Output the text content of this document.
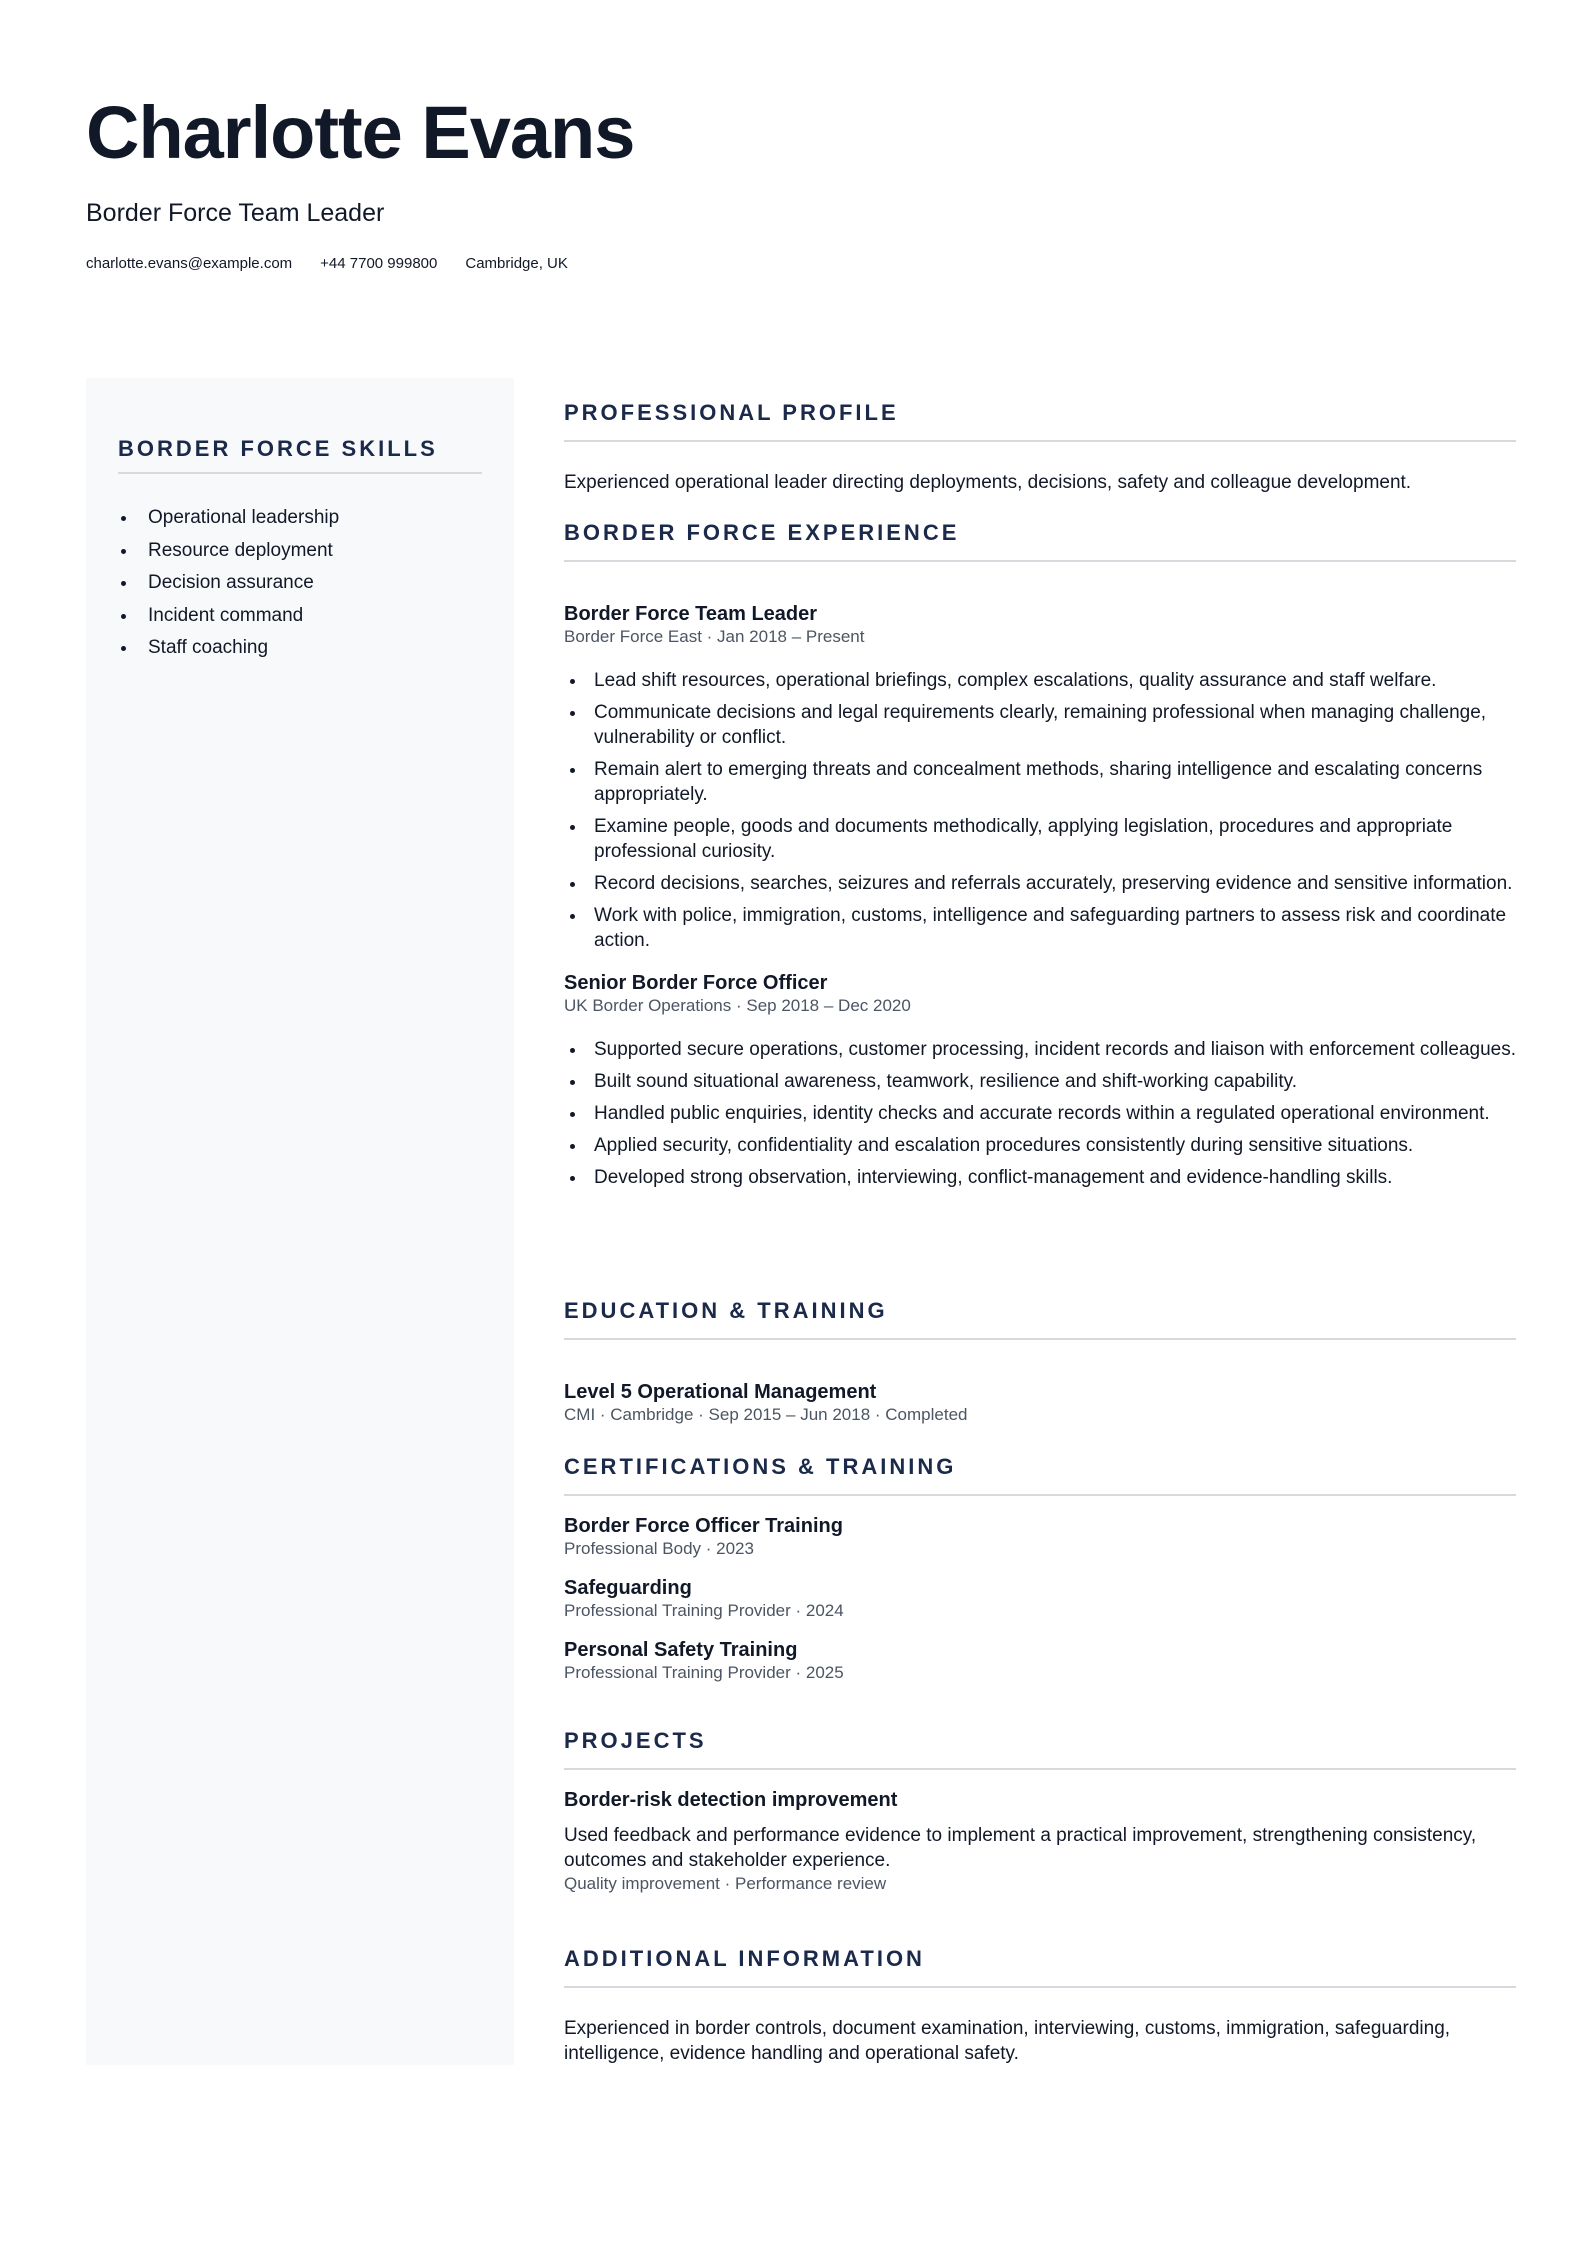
Charlotte Evans
Border Force Team Leader
charlotte.evans@example.com +44 7700 999800 Cambridge, UK
BORDER FORCE SKILLS
Operational leadership
Resource deployment
Decision assurance
Incident command
Staff coaching
PROFESSIONAL PROFILE

Experienced operational leader directing deployments, decisions, safety and colleague development.

BORDER FORCE EXPERIENCE

Border Force Team Leader

Border Force East · Jan 2018 – Present

Lead shift resources, operational briefings, complex escalations, quality assurance and staff welfare.
Communicate decisions and legal requirements clearly, remaining professional when managing challenge, vulnerability or conflict.
Remain alert to emerging threats and concealment methods, sharing intelligence and escalating concerns appropriately.
Examine people, goods and documents methodically, applying legislation, procedures and appropriate professional curiosity.
Record decisions, searches, seizures and referrals accurately, preserving evidence and sensitive information.
Work with police, immigration, customs, intelligence and safeguarding partners to assess risk and coordinate action.

Senior Border Force Officer

UK Border Operations · Sep 2018 – Dec 2020

Supported secure operations, customer processing, incident records and liaison with enforcement colleagues.
Built sound situational awareness, teamwork, resilience and shift-working capability.
Handled public enquiries, identity checks and accurate records within a regulated operational environment.
Applied security, confidentiality and escalation procedures consistently during sensitive situations.
Developed strong observation, interviewing, conflict-management and evidence-handling skills.
EDUCATION & TRAINING

Level 5 Operational Management

CMI · Cambridge · Sep 2015 – Jun 2018 · Completed

CERTIFICATIONS & TRAINING

Border Force Officer Training

Professional Body · 2023

Safeguarding

Professional Training Provider · 2024

Personal Safety Training

Professional Training Provider · 2025

PROJECTS

Border-risk detection improvement

Used feedback and performance evidence to implement a practical improvement, strengthening consistency, outcomes and stakeholder experience.

Quality improvement · Performance review

ADDITIONAL INFORMATION

Experienced in border controls, document examination, interviewing, customs, immigration, safeguarding, intelligence, evidence handling and operational safety.
